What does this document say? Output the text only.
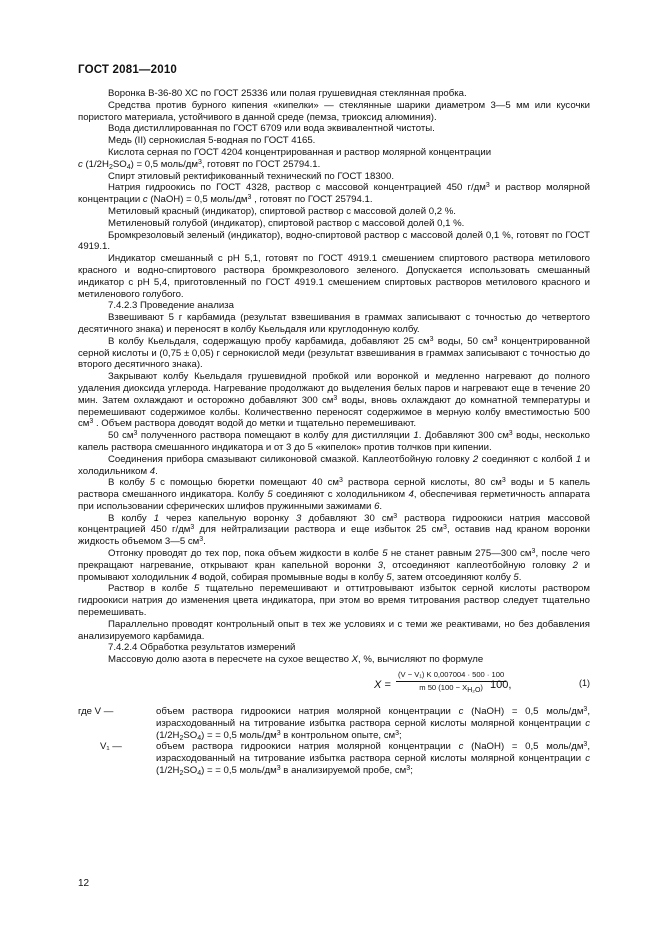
ГОСТ 2081—2010

Воронка В-36-80 ХС по ГОСТ 25336 или полая грушевидная стеклянная пробка.

Средства против бурного кипения «кипелки» — стеклянные шарики диаметром 3—5 мм или кусочки пористого материала, устойчивого в данной среде (пемза, триоксид алюминия).

Вода дистиллированная по ГОСТ 6709 или вода эквивалентной чистоты.

Медь (II) сернокислая 5-водная по ГОСТ 4165.

Кислота серная по ГОСТ 4204 концентрированная и раствор молярной концентрации
c $(1/2H_2SO_4) = 0,5$ моль/$дм^3$, готовят по ГОСТ 25794.1.

Спирт этиловый ректификованный технический по ГОСТ 18300.

Натрия гидроокись по ГОСТ 4328, раствор с массовой концентрацией 450 $г/дм^3$ и раствор молярной концентрации c (NaOH) = 0,5 моль/$дм^3$ , готовят по ГОСТ 25794.1.

Метиловый красный (индикатор), спиртовой раствор с массовой долей 0,2 %.

Метиленовый голубой (индикатор), спиртовой раствор с массовой долей 0,1 %.

Бромкрезоловый зеленый (индикатор), водно-спиртовой раствор с массовой долей 0,1 %, готовят по ГОСТ 4919.1.

Индикатор смешанный с pH 5,1, готовят по ГОСТ 4919.1 смешением спиртового раствора метилового красного и водно-спиртового раствора бромкрезолового зеленого. Допускается использовать смешанный индикатор с pH 5,4, приготовленный по ГОСТ 4919.1 смешением спиртовых растворов метилового красного и метиленового голубого.

7.4.2.3 Проведение анализа

Взвешивают 5 г карбамида (результат взвешивания в граммах записывают с точностью до четвертого десятичного знака) и переносят в колбу Кьельдаля или круглодонную колбу.

В колбу Кьельдаля, содержащую пробу карбамида, добавляют 25 $см^3$ воды, 50 $см^3$ концентрированной серной кислоты и (0,75 ± 0,05) г сернокислой меди (результат взвешивания в граммах записывают с точностью до второго десятичного знака).

Закрывают колбу Кьельдаля грушевидной пробкой или воронкой и медленно нагревают до полного удаления диоксида углерода. Нагревание продолжают до выделения белых паров и нагревают еще в течение 20 мин. Затем охлаждают и осторожно добавляют 300 $см^3$ воды, вновь охлаждают до комнатной температуры и перемешивают содержимое колбы. Количественно переносят содержимое в мерную колбу вместимостью 500 $см^3$ . Объем раствора доводят водой до метки и тщательно перемешивают.

50 $см^3$ полученного раствора помещают в колбу для дистилляции 1. Добавляют 300 $см^3$ воды, несколько капель раствора смешанного индикатора и от 3 до 5 «кипелок» против толчков при кипении.

Соединения прибора смазывают силиконовой смазкой. Каплеотбойную головку 2 соединяют с колбой 1 и холодильником 4.

В колбу 5 с помощью бюретки помещают 40 $см^3$ раствора серной кислоты, 80 $см^3$ воды и 5 капель раствора смешанного индикатора. Колбу 5 соединяют с холодильником 4, обеспечивая герметичность аппарата при использовании сферических шлифов пружинными зажимами 6.

В колбу 1 через капельную воронку 3 добавляют 30 $см^3$ раствора гидроокиси натрия массовой концентрацией 450 $г/дм^3$ для нейтрализации раствора и еще избыток 25 $см^3$, оставив над краном воронки жидкость объемом 3—5 $см^3$.

Отгонку проводят до тех пор, пока объем жидкости в колбе 5 не станет равным 275—300 $см^3$, после чего прекращают нагревание, открывают кран капельной воронки 3, отсоединяют каплеотбойную головку 2 и промывают холодильник 4 водой, собирая промывные воды в колбу 5, затем отсоединяют колбу 5.

Раствор в колбе 5 тщательно перемешивают и оттитровывают избыток серной кислоты раствором гидроокиси натрия до изменения цвета индикатора, при этом во время титрования раствор следует тщательно перемешивать.

Параллельно проводят контрольный опыт в тех же условиях и с теми же реактивами, но без добавления анализируемого карбамида.

7.4.2.4 Обработка результатов измерений

Массовую долю азота в пересчете на сухое вещество X, %, вычисляют по формуле

$X = \frac{\text{(V − V₁) K 0,007004 · 500 · 100}}{m 50 (100 - X_{H_2O})}$
100,	(1)
где V —	объем раствора гидроокиси натрия молярной концентрации c (NaOH) = 0,5 моль/$дм^3$, израсходованный на титрование избытка раствора серной кислоты молярной концентрации c $(1/2H_2SO_4)$ = = 0,5 моль/$дм^3$ в контрольном опыте, $см^3$;
V₁ —	объем раствора гидроокиси натрия молярной концентрации c (NaOH) = 0,5 моль/$дм^3$, израсходованный на титрование избытка раствора серной кислоты молярной концентрации c $(1/2H_2SO_4)$ = = 0,5 моль/$дм^3$ в анализируемой пробе, $см^3$;
12
